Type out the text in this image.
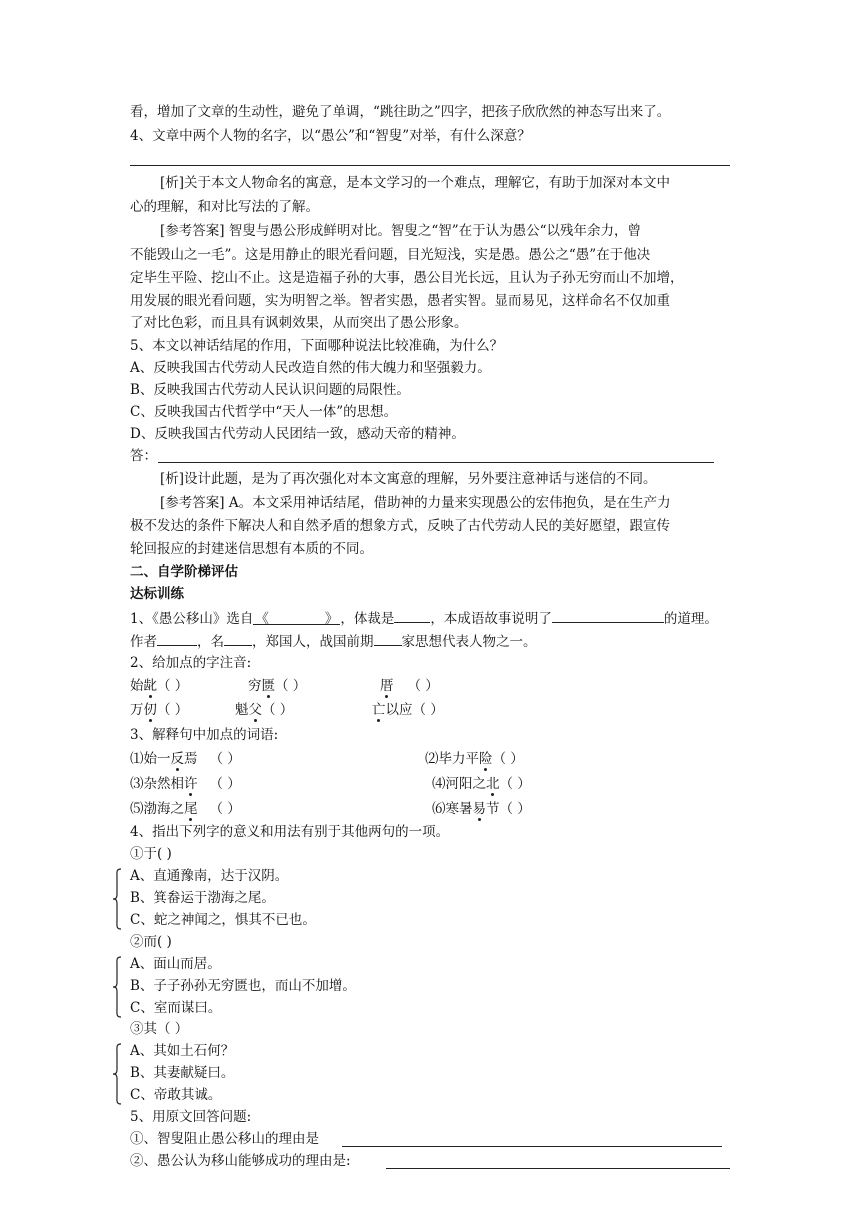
看，增加了文章的生动性，避免了单调，“跳往助之”四字，把孩子欣欣然的神态写出来了。
4、文章中两个人物的名字，以“愚公”和“智叟”对举，有什么深意？
[析]关于本文人物命名的寓意，是本文学习的一个难点，理解它，有助于加深对本文中
心的理解，和对比写法的了解。
[参考答案] 智叟与愚公形成鲜明对比。智叟之“智”在于认为愚公“以残年余力，曾
不能毁山之一毛”。这是用静止的眼光看问题，目光短浅，实是愚。愚公之“愚”在于他决
定毕生平险、挖山不止。这是造福子孙的大事，愚公目光长远，且认为子孙无穷而山不加增，
用发展的眼光看问题，实为明智之举。智者实愚，愚者实智。显而易见，这样命名不仅加重
了对比色彩，而且具有讽刺效果，从而突出了愚公形象。
5、本文以神话结尾的作用，下面哪种说法比较准确，为什么？
A、反映我国古代劳动人民改造自然的伟大魄力和坚强毅力。
B、反映我国古代劳动人民认识问题的局限性。
C、反映我国古代哲学中“天人一体”的思想。
D、反映我国古代劳动人民团结一致，感动天帝的精神。
答：
[析]设计此题，是为了再次强化对本文寓意的理解，另外要注意神话与迷信的不同。
[参考答案] A。本文采用神话结尾，借助神的力量来实现愚公的宏伟抱负，是在生产力
极不发达的条件下解决人和自然矛盾的想象方式，反映了古代劳动人民的美好愿望，跟宣传
轮回报应的封建迷信思想有本质的不同。
二、自学阶梯评估
达标训练
1、《愚公移山》选自 《	》 ，体裁是	，本成语故事说明了	的道理。
作者	，名 ，郑国人，战国前期 家思想代表人物之一。
2、给加点的字注音:
始龀（ ）	穷匮（ ）	厝 （ ）
万仞（ ）	魁父（ ）	亡以应（ ）
3、解释句中加点的词语:
⑴始一反焉 （ ）	⑵毕力平险（ ）
⑶杂然相许 （ ）	⑷河阳之北（ ）
⑸渤海之尾 （ ）	⑹寒暑易节（ ）
4、指出下列字的意义和用法有别于其他两句的一项。
①于( )
A、直通豫南，达于汉阴。
B、箕畚运于渤海之尾。
C、蛇之神闻之，惧其不已也。
②而( )
A、面山而居。
B、子子孙孙无穷匮也，而山不加增。
C、室而谋曰。
③其（ ）
A、其如土石何？
B、其妻献疑曰。
C、帝敢其诚。
5、用原文回答问题:
①、智叟阻止愚公移山的理由是
②、愚公认为移山能够成功的理由是:
